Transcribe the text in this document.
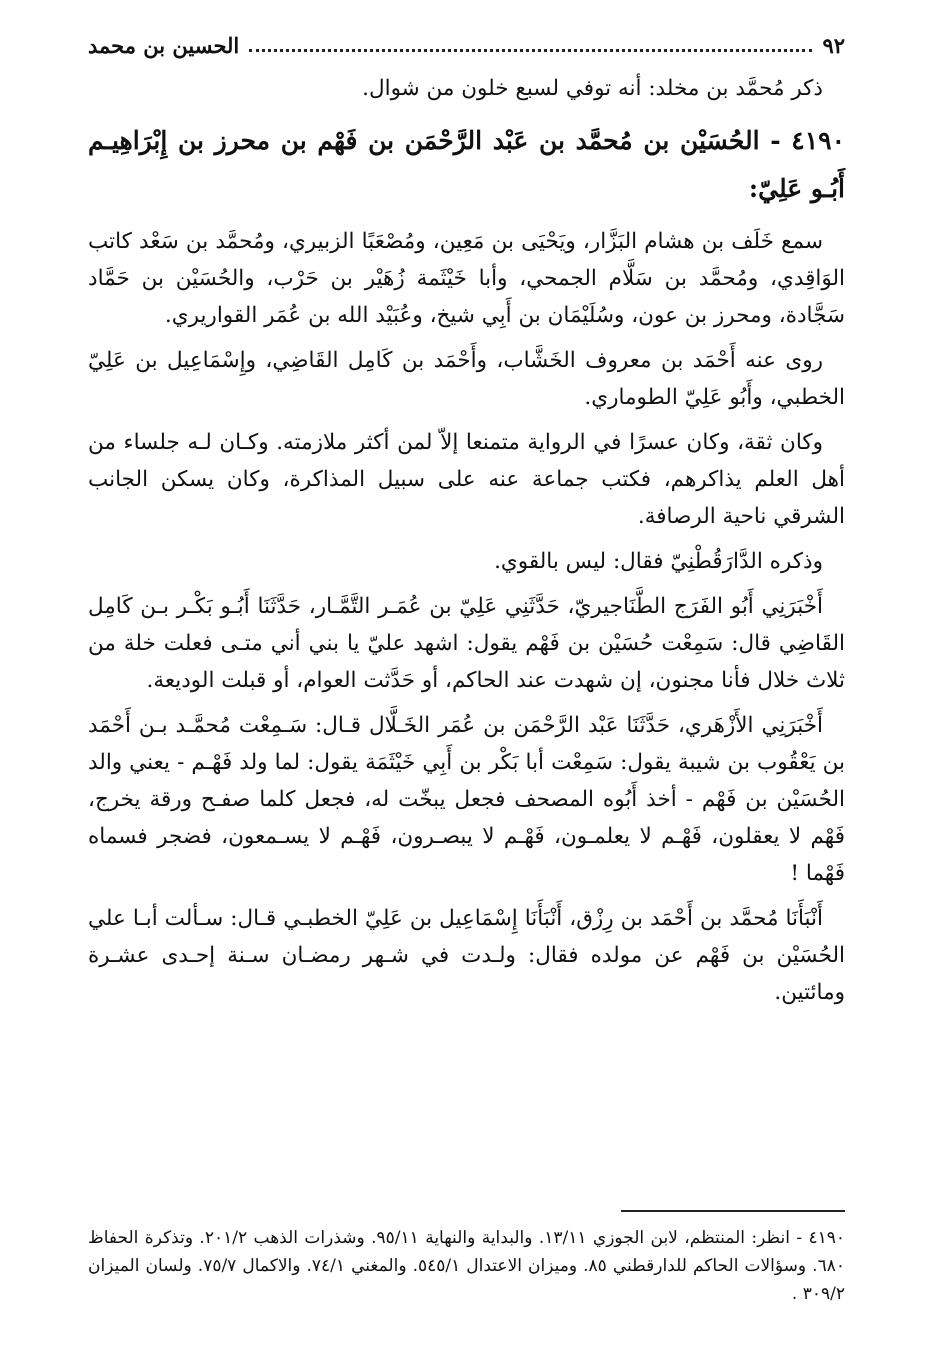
الحسين بن محمد	٩٢

ذكر مُحمَّد بن مخلد: أنه توفي لسبع خلون من شوال.

٤١٩٠ - الحُسَيْن بن مُحمَّد بن عَبْد الرَّحْمَن بن فَهْم بن محرز بن إِبْرَاهِيـم أَبُـو عَلِيّ:

سمع خَلَف بن هشام البَزَّار، ويَحْيَى بن مَعِين، ومُصْعَبًا الزبيري، ومُحمَّد بن سَعْد كاتب الوَاقِدي، ومُحمَّد بن سَلَّام الجمحي، وأبا خَيْثَمة زُهَيْر بن حَرْب، والحُسَيْن بن حَمَّاد سَجَّادة، ومحرز بن عون، وسُلَيْمَان بن أَبِي شيخ، وعُبَيْد الله بن عُمَر القواريري.

روى عنه أَحْمَد بن معروف الخَشَّاب، وأَحْمَد بن كَامِل القَاضِي، وإِسْمَاعِيل بن عَلِيّ الخطبي، وأَبُو عَلِيّ الطوماري.

وكان ثقة، وكان عسرًا في الرواية متمنعا إلاّ لمن أكثر ملازمته. وكـان لـه جلساء من أهل العلم يذاكرهم، فكتب جماعة عنه على سبيل المذاكرة، وكان يسكن الجانب الشرقي ناحية الرصافة.

وذكره الدَّارَقُطْنِيّ فقال: ليس بالقوي.

أَخْبَرَنِي أَبُو الفَرَج الطَّنَاجيريّ، حَدَّثَنِي عَلِيّ بن عُمَـر التَّمَّـار، حَدَّثَنَا أَبُـو بَكْـر بـن كَامِل القَاضِي قال: سَمِعْت حُسَيْن بن فَهْم يقول: اشهد عليّ يا بني أني متـى فعلت خلة من ثلاث خلال فأنا مجنون، إن شهدت عند الحاكم، أو حَدَّثت العوام، أو قبلت الوديعة.

أَخْبَرَنِي الأَزْهَري، حَدَّثَنَا عَبْد الرَّحْمَن بن عُمَر الخَـلَّال قـال: سَـمِعْت مُحمَّـد بـن أَحْمَد بن يَعْقُوب بن شيبة يقول: سَمِعْت أبا بَكْر بن أَبِي خَيْثَمَة يقول: لما ولد فَهْـم - يعني والد الحُسَيْن بن فَهْم - أخذ أَبُوه المصحف فجعل يبخّت له، فجعل كلما صفـح ورقة يخرج، فَهْم لا يعقلون، فَهْـم لا يعلمـون، فَهْـم لا يبصـرون، فَهْـم لا يسـمعون، فضجر فسماه فَهْما !

أَنْبَأَنَا مُحمَّد بن أَحْمَد بن رِزْق، أَنْبَأَنَا إِسْمَاعِيل بن عَلِيّ الخطبـي قـال: سـألت أبـا علي الحُسَيْن بن فَهْم عن مولده فقال: ولـدت في شـهر رمضـان سـنة إحـدى عشـرة ومائتين.

٤١٩٠ - انظر: المنتظم، لابن الجوزي ١٣/١١. والبداية والنهاية ٩٥/١١. وشذرات الذهب ٢٠١/٢. وتذكرة الحفاظ ٦٨٠. وسؤالات الحاكم للدارقطني ٨٥. وميزان الاعتدال ٥٤٥/١. والمغني ٧٤/١. والاكمال ٧٥/٧. ولسان الميزان ٣٠٩/٢ .
